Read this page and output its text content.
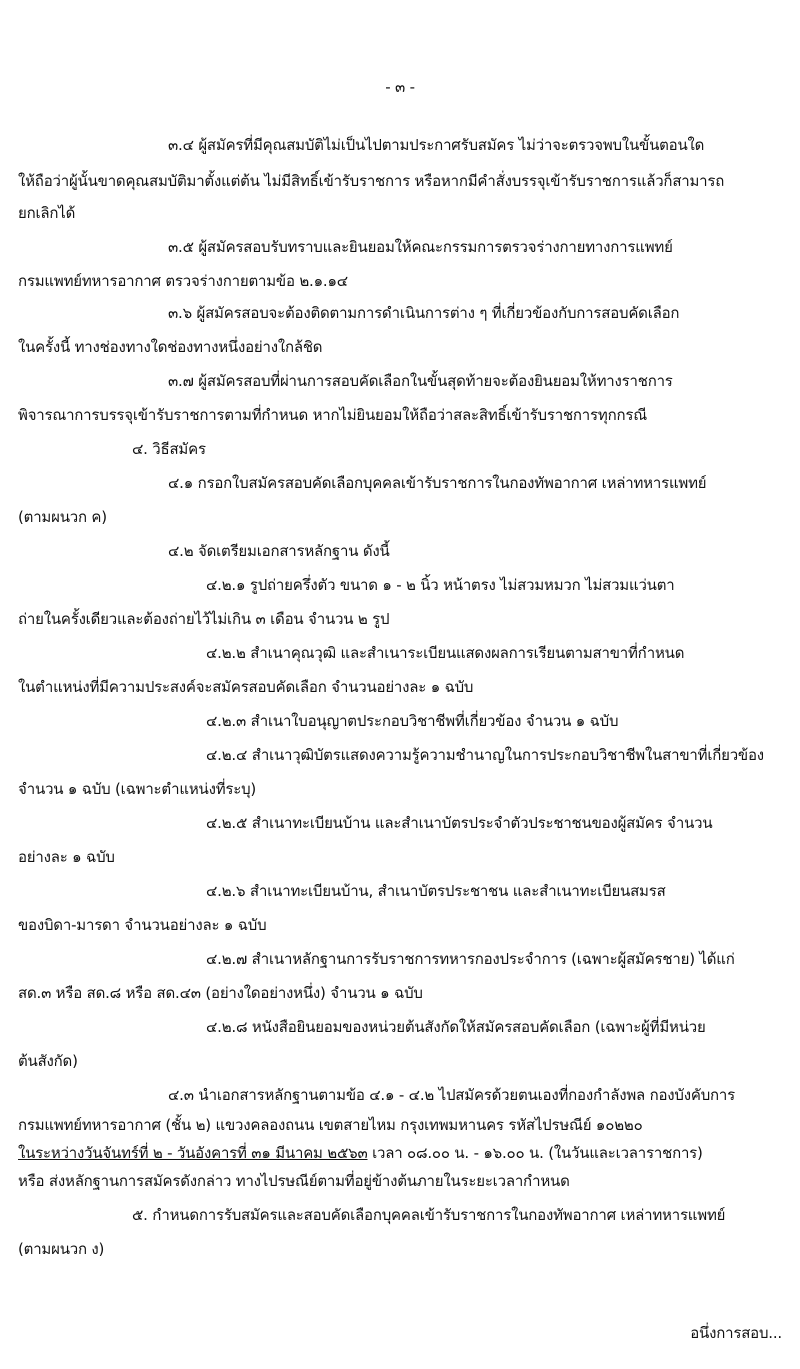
- ๓ -
๓.๔ ผู้สมัครที่มีคุณสมบัติไม่เป็นไปตามประกาศรับสมัคร ไม่ว่าจะตรวจพบในขั้นตอนใด
ให้ถือว่าผู้นั้นขาดคุณสมบัติมาตั้งแต่ต้น ไม่มีสิทธิ์เข้ารับราชการ หรือหากมีคำสั่งบรรจุเข้ารับราชการแล้วก็สามารถ
ยกเลิกได้
๓.๕ ผู้สมัครสอบรับทราบและยินยอมให้คณะกรรมการตรวจร่างกายทางการแพทย์
กรมแพทย์ทหารอากาศ ตรวจร่างกายตามข้อ ๒.๑.๑๔
๓.๖ ผู้สมัครสอบจะต้องติดตามการดำเนินการต่าง ๆ ที่เกี่ยวข้องกับการสอบคัดเลือก
ในครั้งนี้ ทางช่องทางใดช่องทางหนึ่งอย่างใกล้ชิด
๓.๗ ผู้สมัครสอบที่ผ่านการสอบคัดเลือกในขั้นสุดท้ายจะต้องยินยอมให้ทางราชการ
พิจารณาการบรรจุเข้ารับราชการตามที่กำหนด หากไม่ยินยอมให้ถือว่าสละสิทธิ์เข้ารับราชการทุกกรณี
๔. วิธีสมัคร
๔.๑ กรอกใบสมัครสอบคัดเลือกบุคคลเข้ารับราชการในกองทัพอากาศ เหล่าทหารแพทย์
(ตามผนวก ค)
๔.๒ จัดเตรียมเอกสารหลักฐาน ดังนี้
๔.๒.๑ รูปถ่ายครึ่งตัว ขนาด ๑ - ๒ นิ้ว หน้าตรง ไม่สวมหมวก ไม่สวมแว่นตา
ถ่ายในครั้งเดียวและต้องถ่ายไว้ไม่เกิน ๓ เดือน จำนวน ๒ รูป
๔.๒.๒ สำเนาคุณวุฒิ และสำเนาระเบียนแสดงผลการเรียนตามสาขาที่กำหนด
ในตำแหน่งที่มีความประสงค์จะสมัครสอบคัดเลือก จำนวนอย่างละ ๑ ฉบับ
๔.๒.๓ สำเนาใบอนุญาตประกอบวิชาชีพที่เกี่ยวข้อง จำนวน ๑ ฉบับ
๔.๒.๔ สำเนาวุฒิบัตรแสดงความรู้ความชำนาญในการประกอบวิชาชีพในสาขาที่เกี่ยวข้อง
จำนวน ๑ ฉบับ (เฉพาะตำแหน่งที่ระบุ)
๔.๒.๕ สำเนาทะเบียนบ้าน และสำเนาบัตรประจำตัวประชาชนของผู้สมัคร จำนวน
อย่างละ ๑ ฉบับ
๔.๒.๖ สำเนาทะเบียนบ้าน, สำเนาบัตรประชาชน และสำเนาทะเบียนสมรส
ของบิดา-มารดา จำนวนอย่างละ ๑ ฉบับ
๔.๒.๗ สำเนาหลักฐานการรับราชการทหารกองประจำการ (เฉพาะผู้สมัครชาย) ได้แก่
สด.๓ หรือ สด.๘ หรือ สด.๔๓ (อย่างใดอย่างหนึ่ง) จำนวน ๑ ฉบับ
๔.๒.๘ หนังสือยินยอมของหน่วยต้นสังกัดให้สมัครสอบคัดเลือก (เฉพาะผู้ที่มีหน่วย
ต้นสังกัด)
๔.๓ นำเอกสารหลักฐานตามข้อ ๔.๑ - ๔.๒ ไปสมัครด้วยตนเองที่กองกำลังพล กองบังคับการ
กรมแพทย์ทหารอากาศ (ชั้น ๒) แขวงคลองถนน เขตสายไหม กรุงเทพมหานคร รหัสไปรษณีย์ ๑๐๒๒๐
ในระหว่างวันจันทร์ที่ ๒ - วันอังคารที่ ๓๑ มีนาคม ๒๕๖๓ เวลา ๐๘.๐๐ น. - ๑๖.๐๐ น. (ในวันและเวลาราชการ)
หรือ ส่งหลักฐานการสมัครดังกล่าว ทางไปรษณีย์ตามที่อยู่ข้างต้นภายในระยะเวลากำหนด
๕. กำหนดการรับสมัครและสอบคัดเลือกบุคคลเข้ารับราชการในกองทัพอากาศ เหล่าทหารแพทย์
(ตามผนวก ง)
อนึ่งการสอบ...
